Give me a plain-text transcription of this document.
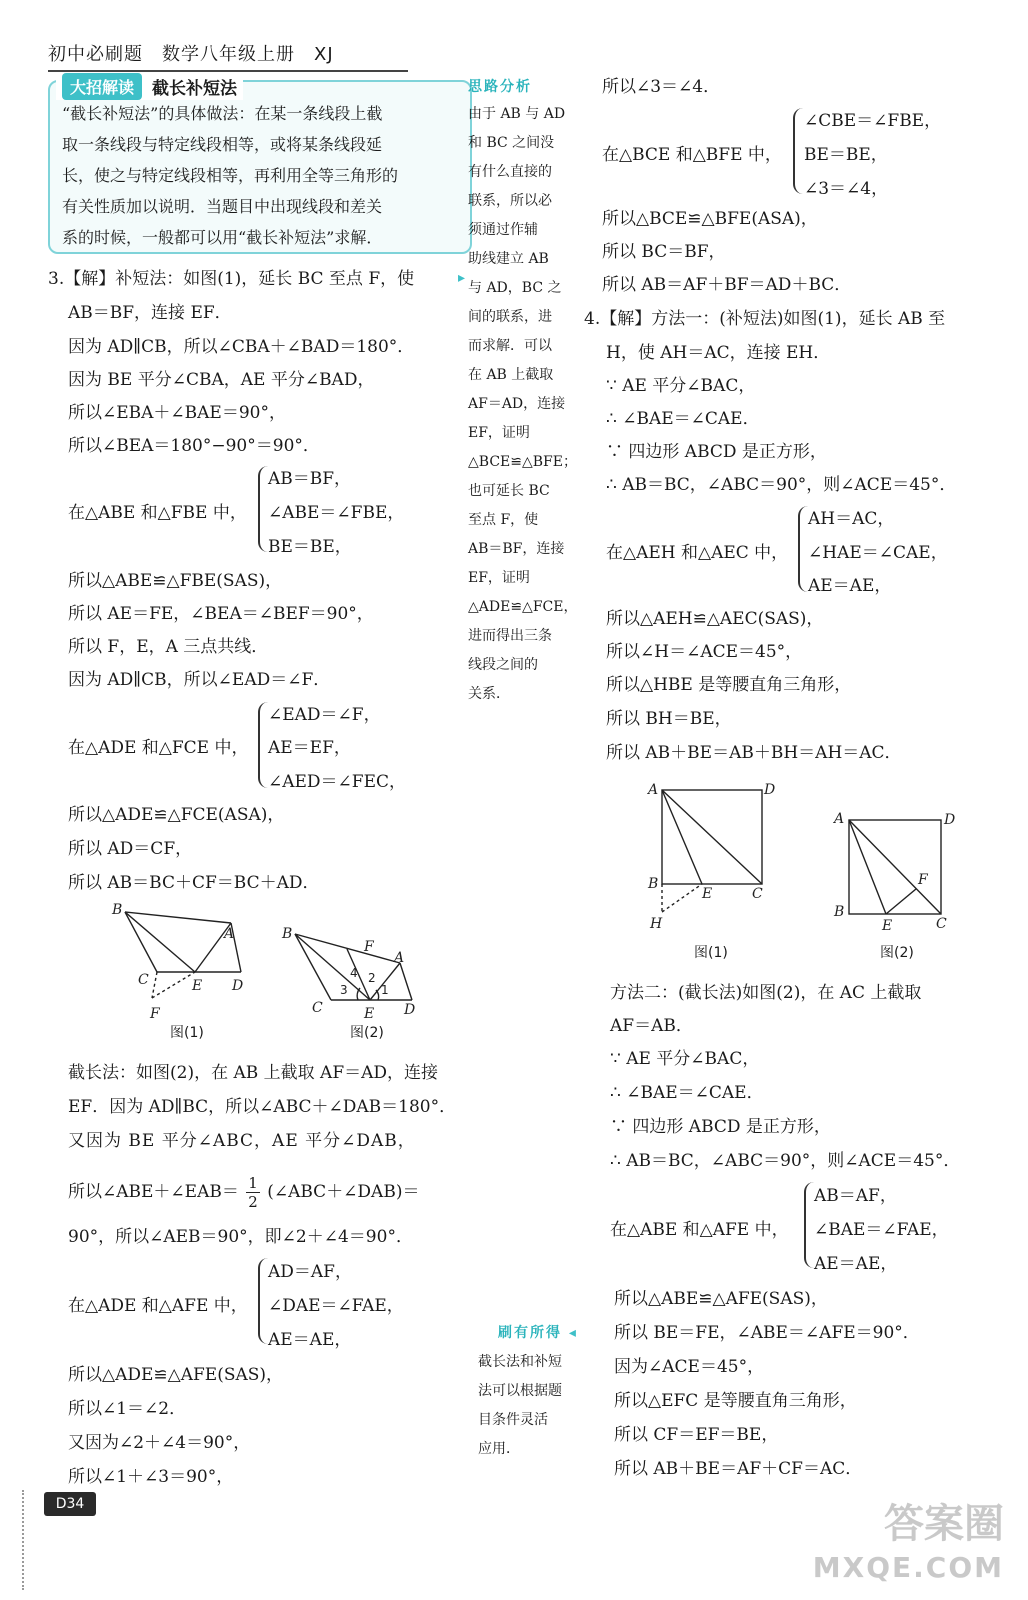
初中必刷题　数学八年级上册　XJ
大招解读	截长补短法
“截长补短法”的具体做法：在某一条线段上截
取一条线段与特定线段相等，或将某条线段延
长，使之与特定线段相等，再利用全等三角形的
有关性质加以说明．当题目中出现线段和差关
系的时候，一般都可以用“截长补短法”求解．
思路分析
由于 AB 与 AD
和 BC 之间没
有什么直接的
联系，所以必
须通过作辅
助线建立 AB
与 AD，BC 之
间的联系，进
而求解．可以
在 AB 上截取
AF＝AD，连接
EF，证明
△BCE≌△BFE；
也可延长 BC
至点 F，使
AB＝BF，连接
EF，证明
△ADE≌△FCE，
进而得出三条
线段之间的
关系．
▸
刷有所得 ◂
截长法和补短
法可以根据题
目条件灵活
应用．
3.【解】补短法：如图(1)，延长 BC 至点 F，使
AB＝BF，连接 EF．
因为 AD∥CB，所以∠CBA＋∠BAD＝180°．
因为 BE 平分∠CBA，AE 平分∠BAD，
所以∠EBA＋∠BAE＝90°，
所以∠BEA＝180°−90°＝90°．
在△ABE 和△FBE 中，
AB＝BF，
∠ABE＝∠FBE，
BE＝BE，
所以△ABE≌△FBE(SAS)，
所以 AE＝FE，∠BEA＝∠BEF＝90°，
所以 F，E，A 三点共线．
因为 AD∥CB，所以∠EAD＝∠F．
在△ADE 和△FCE 中，
∠EAD＝∠F，
AE＝EF，
∠AED＝∠FEC，
所以△ADE≌△FCE(ASA)，
所以 AD＝CF，
所以 AB＝BC＋CF＝BC＋AD．
B
A
C	E D
F
B
F
A
C	E D
4 2
3	1
图(1)	图(2)
截长法：如图(2)，在 AB 上截取 AF＝AD，连接
EF．因为 AD∥BC，所以∠ABC＋∠DAB＝180°．
又因为 BE 平分∠ABC，AE 平分∠DAB，
所以∠ABE＋∠EAB＝ $\frac{1}{2}$ (∠ABC＋∠DAB)＝
90°，所以∠AEB＝90°，即∠2＋∠4＝90°．
在△ADE 和△AFE 中，
AD＝AF，
∠DAE＝∠FAE，
AE＝AE，
所以△ADE≌△AFE(SAS)，
所以∠1＝∠2．
又因为∠2＋∠4＝90°，
所以∠1＋∠3＝90°，
所以∠3＝∠4．
在△BCE 和△BFE 中，
∠CBE＝∠FBE，
BE＝BE，
∠3＝∠4，
所以△BCE≌△BFE(ASA)，
所以 BC＝BF，
所以 AB＝AF＋BF＝AD＋BC．
4.【解】方法一：(补短法)如图(1)，延长 AB 至
H，使 AH＝AC，连接 EH．
∵ AE 平分∠BAC，
∴ ∠BAE＝∠CAE．
∵ 四边形 ABCD 是正方形，
∴ AB＝BC，∠ABC＝90°，则∠ACE＝45°．
在△AEH 和△AEC 中，
AH＝AC，
∠HAE＝∠CAE，
AE＝AE，
所以△AEH≌△AEC(SAS)，
所以∠H＝∠ACE＝45°，
所以△HBE 是等腰直角三角形，
所以 BH＝BE，
所以 AB＋BE＝AB＋BH＝AH＝AC．
A	D
B
E	C
H
A	D
F
B
E	C
图(1)	图(2)
方法二：(截长法)如图(2)，在 AC 上截取
AF＝AB．
∵ AE 平分∠BAC，
∴ ∠BAE＝∠CAE．
∵ 四边形 ABCD 是正方形，
∴ AB＝BC，∠ABC＝90°，则∠ACE＝45°．
在△ABE 和△AFE 中，
AB＝AF，
∠BAE＝∠FAE，
AE＝AE，
所以△ABE≌△AFE(SAS)，
所以 BE＝FE，∠ABE＝∠AFE＝90°．
因为∠ACE＝45°，
所以△EFC 是等腰直角三角形，
所以 CF＝EF＝BE，
所以 AB＋BE＝AF＋CF＝AC．
D34	答案圈
MXQE.COM
